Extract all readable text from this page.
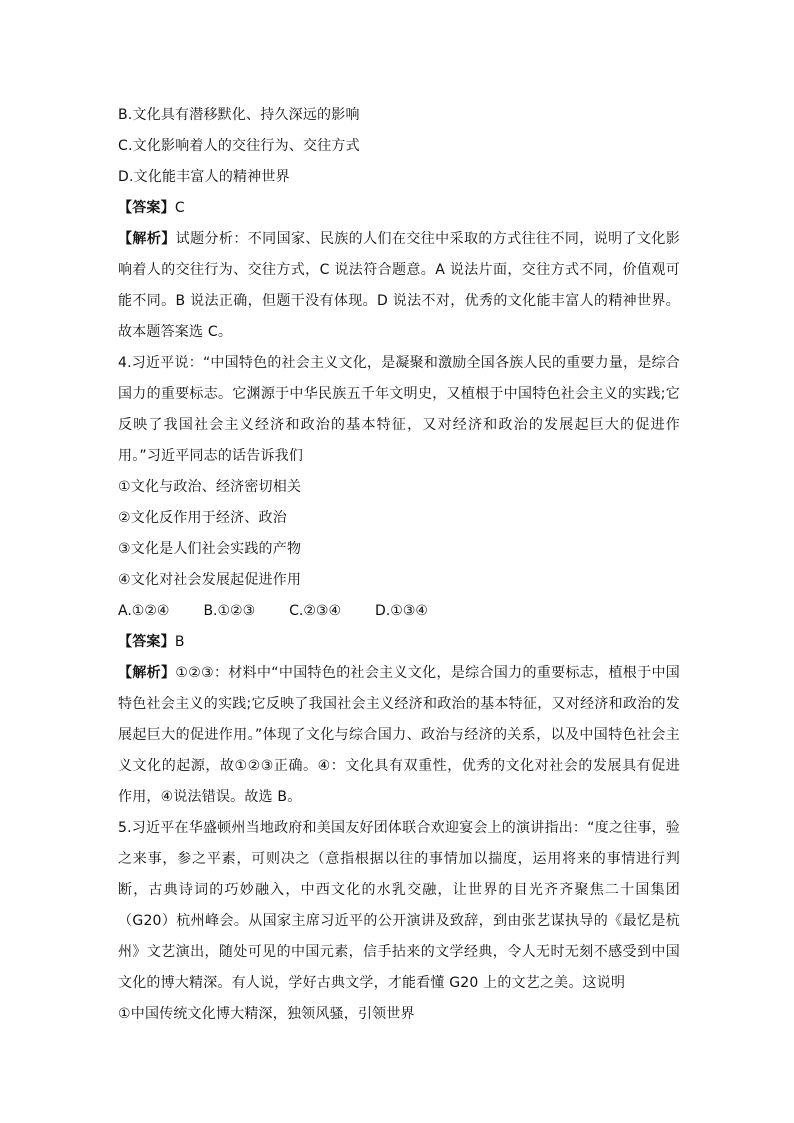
B.文化具有潜移默化、持久深远的影响
C.文化影响着人的交往行为、交往方式
D.文化能丰富人的精神世界
【答案】C
【解析】试题分析：不同国家、民族的人们在交往中采取的方式往往不同，说明了文化影响着人的交往行为、交往方式，C 说法符合题意。A 说法片面，交往方式不同，价值观可能不同。B 说法正确，但题干没有体现。D 说法不对，优秀的文化能丰富人的精神世界。故本题答案选 C。
4.习近平说：“中国特色的社会主义文化，是凝聚和激励全国各族人民的重要力量，是综合国力的重要标志。它渊源于中华民族五千年文明史，又植根于中国特色社会主义的实践;它反映了我国社会主义经济和政治的基本特征，又对经济和政治的发展起巨大的促进作用。”习近平同志的话告诉我们
①文化与政治、经济密切相关
②文化反作用于经济、政治
③文化是人们社会实践的产物
④文化对社会发展起促进作用
A.①②④ B.①②③ C.②③④ D.①③④
【答案】B
【解析】①②③：材料中“中国特色的社会主义文化，是综合国力的重要标志，植根于中国特色社会主义的实践;它反映了我国社会主义经济和政治的基本特征，又对经济和政治的发展起巨大的促进作用。”体现了文化与综合国力、政治与经济的关系，以及中国特色社会主义文化的起源，故①②③正确。④：文化具有双重性，优秀的文化对社会的发展具有促进作用，④说法错误。故选 B。
5.习近平在华盛顿州当地政府和美国友好团体联合欢迎宴会上的演讲指出：“度之往事，验之来事，参之平素，可则决之（意指根据以往的事情加以揣度，运用将来的事情进行判断，古典诗词的巧妙融入，中西文化的水乳交融，让世界的目光齐齐聚焦二十国集团（G20）杭州峰会。从国家主席习近平的公开演讲及致辞，到由张艺谋执导的《最忆是杭州》文艺演出，随处可见的中国元素，信手拈来的文学经典，令人无时无刻不感受到中国文化的博大精深。有人说，学好古典文学，才能看懂 G20 上的文艺之美。这说明
①中国传统文化博大精深，独领风骚，引领世界
